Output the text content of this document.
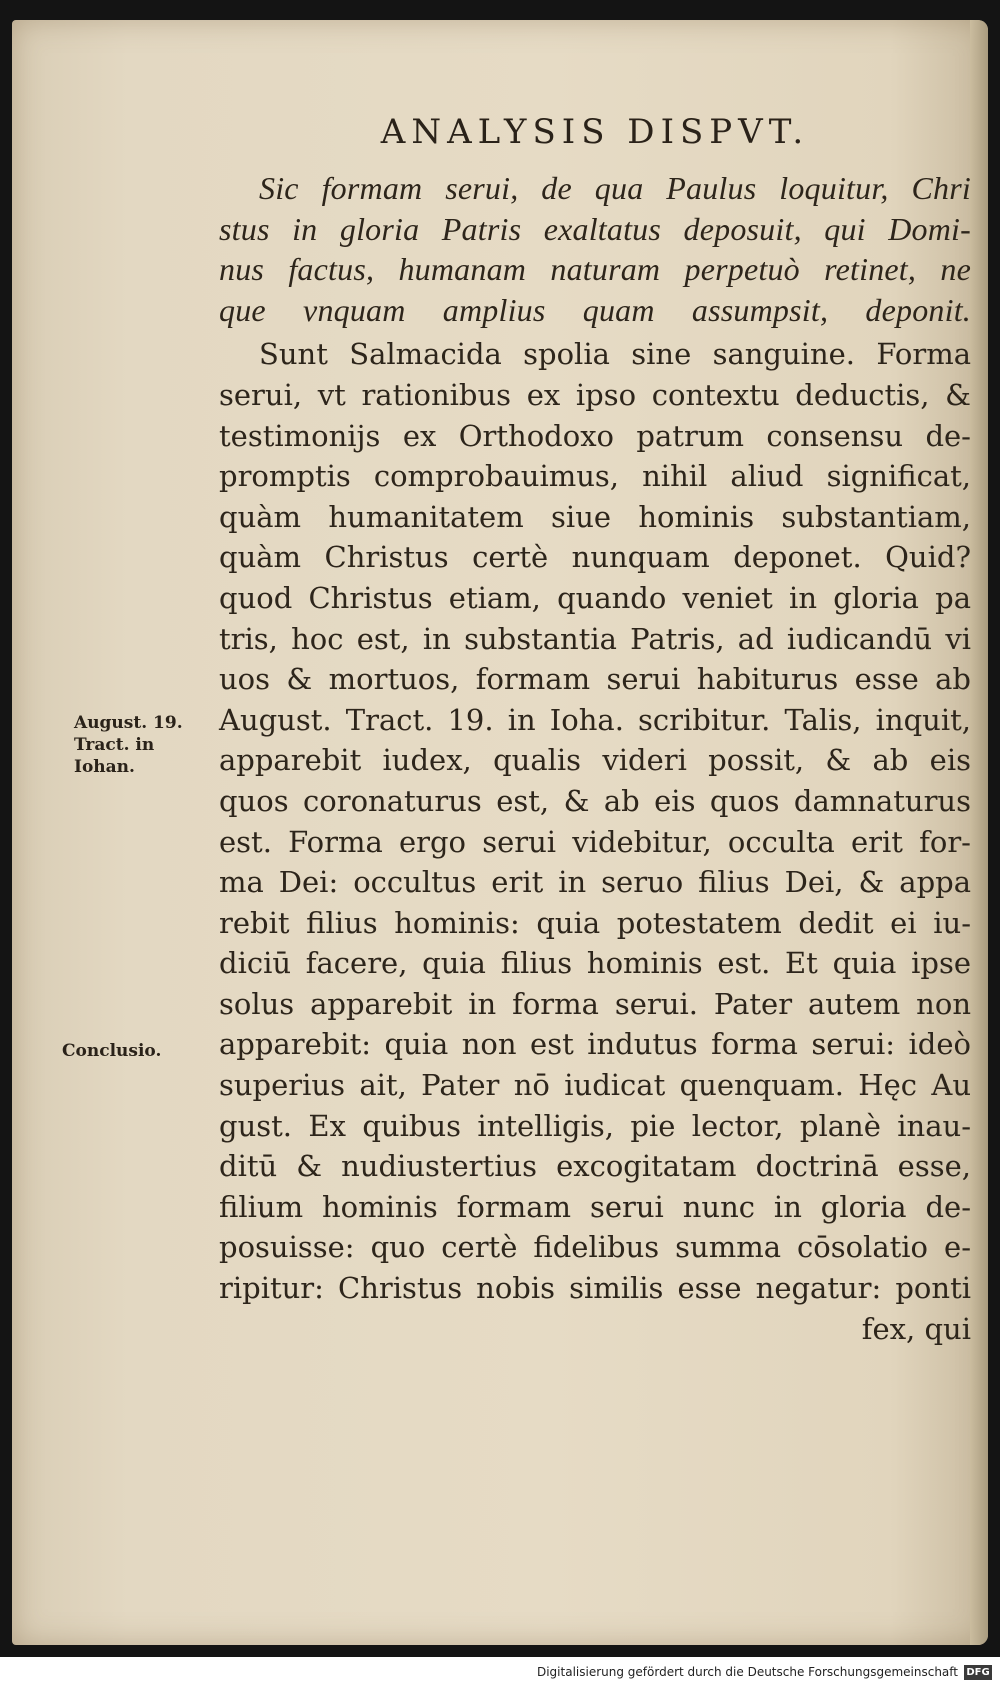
ANALYSIS DISPVT.
Sic formam serui, de qua Paulus loquitur, Chri
stus in gloria Patris exaltatus deposuit, qui Domi-
nus factus, humanam naturam perpetuò retinet, ne
que vnquam amplius quam assumpsit, deponit.
Sunt Salmacida spolia sine sanguine. Forma
serui, vt rationibus ex ipso contextu deductis, &
testimonijs ex Orthodoxo patrum consensu de-
promptis comprobauimus, nihil aliud significat,
quàm humanitatem siue hominis substantiam,
quàm Christus certè nunquam deponet. Quid?
quod Christus etiam, quando veniet in gloria pa
tris, hoc est, in substantia Patris, ad iudicandū vi
uos & mortuos, formam serui habiturus esse ab
August. Tract. 19. in Ioha. scribitur. Talis, inquit,
apparebit iudex, qualis videri possit, & ab eis
quos coronaturus est, & ab eis quos damnaturus
est. Forma ergo serui videbitur, occulta erit for-
ma Dei: occultus erit in seruo filius Dei, & appa
rebit filius hominis: quia potestatem dedit ei iu-
diciū facere, quia filius hominis est. Et quia ipse
solus apparebit in forma serui. Pater autem non
apparebit: quia non est indutus forma serui: ideò
superius ait, Pater nō iudicat quenquam. Hęc Au
gust. Ex quibus intelligis, pie lector, planè inau-
ditū & nudiustertius excogitatam doctrinā esse,
filium hominis formam serui nunc in gloria de-
posuisse: quo certè fidelibus summa cōsolatio e-
ripitur: Christus nobis similis esse negatur: ponti
fex, qui
August. 19.
Tract. in
Iohan.
Conclusio.
Digitalisierung gefördert durch die Deutsche Forschungsgemeinschaft DFG
